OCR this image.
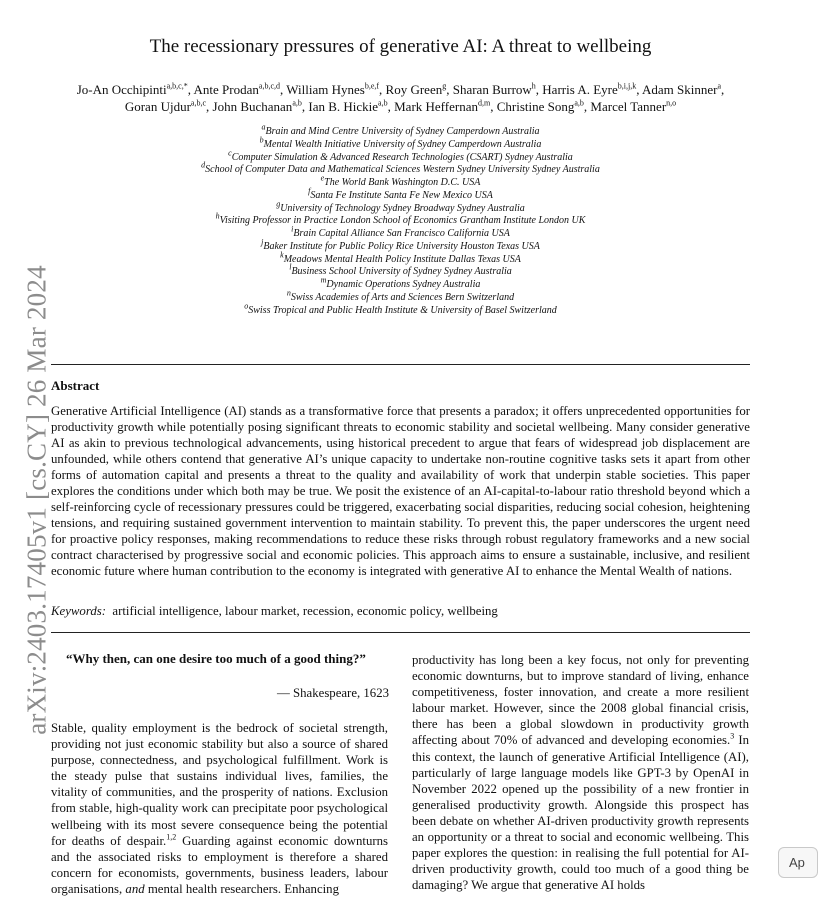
arXiv:2403.17405v1 [cs.CY] 26 Mar 2024
The recessionary pressures of generative AI: A threat to wellbeing
Jo-An Occhipinti$^{a,b,c,*}$, Ante Prodan$^{a,b,c,d}$, William Hynes$^{b,e,f}$, Roy Green$^g$, Sharan Burrow$^h$, Harris A. Eyre$^{b,i,j,k}$, Adam Skinner$^a$,
Goran Ujdur$^{a,b,c}$, John Buchanan$^{a,b}$, Ian B. Hickie$^{a,b}$, Mark Heffernan$^{d,m}$, Christine Song$^{a,b}$, Marcel Tanner$^{n,o}$
$^a$Brain and Mind Centre University of Sydney Camperdown Australia
$^b$Mental Wealth Initiative University of Sydney Camperdown Australia
$^c$Computer Simulation & Advanced Research Technologies (CSART) Sydney Australia
$^d$School of Computer Data and Mathematical Sciences Western Sydney University Sydney Australia
$^e$The World Bank Washington D.C. USA
$^f$Santa Fe Institute Santa Fe New Mexico USA
$^g$University of Technology Sydney Broadway Sydney Australia
$^h$Visiting Professor in Practice London School of Economics Grantham Institute London UK
$^i$Brain Capital Alliance San Francisco California USA
$^j$Baker Institute for Public Policy Rice University Houston Texas USA
$^k$Meadows Mental Health Policy Institute Dallas Texas USA
$^l$Business School University of Sydney Sydney Australia
$^m$Dynamic Operations Sydney Australia
$^n$Swiss Academies of Arts and Sciences Bern Switzerland
$^o$Swiss Tropical and Public Health Institute & University of Basel Switzerland
Abstract
Generative Artificial Intelligence (AI) stands as a transformative force that presents a paradox; it offers unprecedented opportunities for productivity growth while potentially posing significant threats to economic stability and societal wellbeing. Many consider generative AI as akin to previous technological advancements, using historical precedent to argue that fears of widespread job displacement are unfounded, while others contend that generative AI’s unique capacity to undertake non-routine cognitive tasks sets it apart from other forms of automation capital and presents a threat to the quality and availability of work that underpin stable societies. This paper explores the conditions under which both may be true. We posit the existence of an AI-capital-to-labour ratio threshold beyond which a self-reinforcing cycle of recessionary pressures could be triggered, exacerbating social disparities, reducing social cohesion, heightening tensions, and requiring sustained government intervention to maintain stability. To prevent this, the paper underscores the urgent need for proactive policy responses, making recommendations to reduce these risks through robust regulatory frameworks and a new social contract characterised by progressive social and economic policies. This approach aims to ensure a sustainable, inclusive, and resilient economic future where human contribution to the economy is integrated with generative AI to enhance the Mental Wealth of nations.
Keywords: artificial intelligence, labour market, recession, economic policy, wellbeing
“Why then, can one desire too much of a good thing?”
— Shakespeare, 1623
Stable, quality employment is the bedrock of societal strength, providing not just economic stability but also a source of shared purpose, connectedness, and psychological fulfillment. Work is the steady pulse that sustains individual lives, families, the vitality of communities, and the prosperity of nations. Exclusion from stable, high-quality work can precipitate poor psychological wellbeing with its most severe consequence being the potential for deaths of despair.$^{1,2}$ Guarding against economic downturns and the associated risks to employment is therefore a shared concern for economists, governments, business leaders, labour organisations, and mental health researchers. Enhancing
productivity has long been a key focus, not only for preventing economic downturns, but to improve standard of living, enhance competitiveness, foster innovation, and create a more resilient labour market. However, since the 2008 global financial crisis, there has been a global slowdown in productivity growth affecting about 70% of advanced and developing economies.$^3$ In this context, the launch of generative Artificial Intelligence (AI), particularly of large language models like GPT-3 by OpenAI in November 2022 opened up the possibility of a new frontier in generalised productivity growth. Alongside this prospect has been debate on whether AI-driven productivity growth represents an opportunity or a threat to social and economic wellbeing. This paper explores the question: in realising the full potential for AI-driven productivity growth, could too much of a good thing be damaging? We argue that generative AI holds
Ap
